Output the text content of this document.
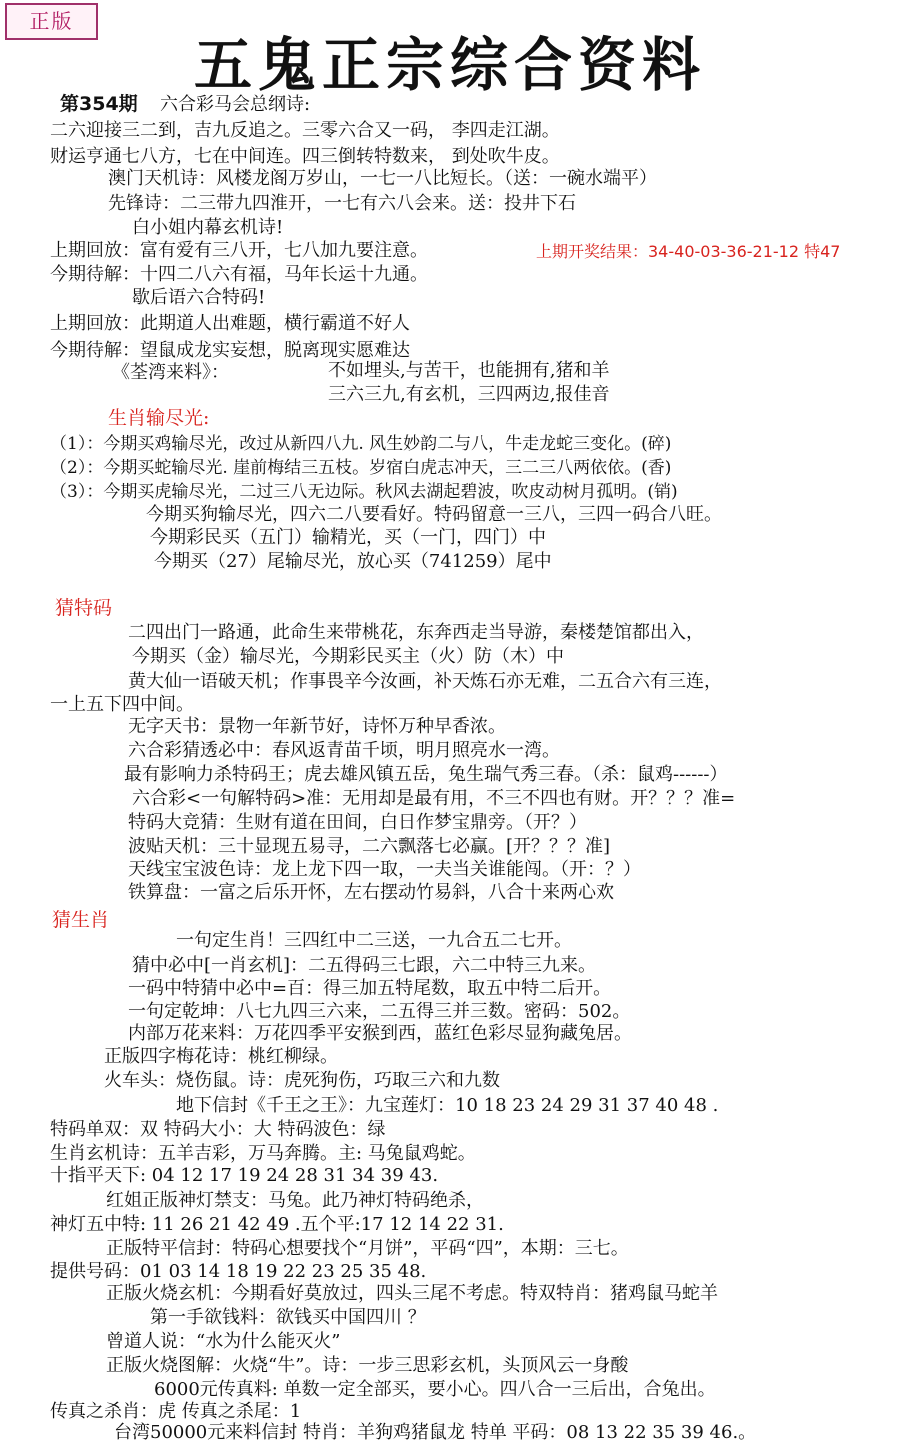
正版
五鬼正宗综合资料
第354期 六合彩马会总纲诗:
二六迎接三二到，吉九反追之。三零六合又一码， 李四走江湖。
财运亨通七八方，七在中间连。四三倒转特数来， 到处吹牛皮。
澳门天机诗：风楼龙阁万岁山，一七一八比短长。（送：一碗水端平）
先锋诗：二三带九四淮开，一七有六八会来。送：投井下石
白小姐内幕玄机诗!
上期回放：富有爱有三八开，七八加九要注意。	上期开奖结果：34-40-03-36-21-12 特47
今期待解：十四二八六有福，马年长运十九通。
歇后语六合特码!
上期回放：此期道人出难题，横行霸道不好人
今期待解：望鼠成龙实妄想，脱离现实愿难达
《荃湾来料》：	不如埋头,与苦干，也能拥有,猪和羊
三六三九,有玄机，三四两边,报佳音
生肖输尽光:
（1）：今期买鸡输尽光，改过从新四八九. 风生妙韵二与八，牛走龙蛇三变化。(碎)
（2）：今期买蛇输尽光. 崖前梅结三五枝。岁宿白虎志冲天，三二三八两依依。(香)
（3）：今期买虎输尽光，二过三八无边际。秋风去湖起碧波，吹皮动树月孤明。(销)
今期买狗输尽光，四六二八要看好。特码留意一三八，三四一码合八旺。
今期彩民买（五门）输精光，买（一门，四门）中
今期买（27）尾输尽光，放心买（741259）尾中
猜特码
二四出门一路通，此命生来带桃花，东奔西走当导游，秦楼楚馆都出入，
今期买（金）输尽光，今期彩民买主（火）防（木）中
黄大仙一语破天机；作事畏辛今汝画，补天炼石亦无难，二五合六有三连，
一上五下四中间。
无字天书：景物一年新节好，诗怀万种早香浓。
六合彩猜透必中：春风返青苗千顷，明月照亮水一湾。
最有影响力杀特码王；虎去雄风镇五岳，兔生瑞气秀三春。（杀：鼠鸡------）
六合彩<一句解特码>准：无用却是最有用，不三不四也有财。开？？？准=
特码大竞猜：生财有道在田间，白日作梦宝鼎旁。（开？）
波贴天机：三十显现五易寻，二六飘落七必赢。[开？？？准]
天线宝宝波色诗：龙上龙下四一取，一夫当关谁能闯。（开：？）
铁算盘：一富之后乐开怀，左右摆动竹易斜，八合十来两心欢
猜生肖
一句定生肖！三四红中二三送，一九合五二七开。
猜中必中[一肖玄机]：二五得码三七跟，六二中特三九来。
一码中特猜中必中=百：得三加五特尾数，取五中特二后开。
一句定乾坤：八七九四三六来，二五得三并三数。密码：502。
内部万花来料：万花四季平安猴到西，蓝红色彩尽显狗藏兔居。
正版四字梅花诗：桃红柳绿。
火车头：烧伤鼠。诗：虎死狗伤，巧取三六和九数
地下信封《千王之王》：九宝莲灯：10 18 23 24 29 31 37 40 48 .
特码单双：双 特码大小：大 特码波色：绿
生肖玄机诗：五羊吉彩，万马奔腾。主: 马兔鼠鸡蛇。
十指平天下: 04 12 17 19 24 28 31 34 39 43.
红姐正版神灯禁支：马兔。此乃神灯特码绝杀，
神灯五中特: 11 26 21 42 49 .五个平:17 12 14 22 31.
正版特平信封：特码心想要找个“月饼”，平码“四”，本期：三七。
提供号码：01 03 14 18 19 22 23 25 35 48.
正版火烧玄机：今期看好莫放过，四头三尾不考虑。特双特肖：猪鸡鼠马蛇羊
第一手欲钱料：欲钱买中国四川 ？
曾道人说：“水为什么能灭火”
正版火烧图解：火烧“牛”。诗：一步三思彩玄机，头顶风云一身酸
6000元传真料: 单数一定全部买，要小心。四八合一三后出，合兔出。
传真之杀肖：虎 传真之杀尾：1
台湾50000元来料信封 特肖：羊狗鸡猪鼠龙 特单 平码：08 13 22 35 39 46.。
